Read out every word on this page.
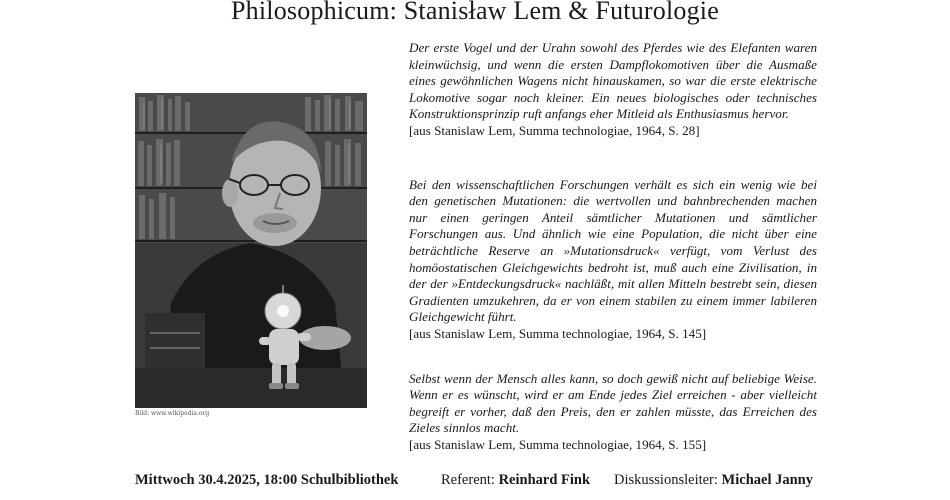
Philosophicum: Stanisław Lem & Futurologie
Bild: www.wikipedia.org

Der erste Vogel und der Urahn sowohl des Pferdes wie des Elefanten waren kleinwüchsig, und wenn die ersten Dampflokomotiven über die Ausmaße eines gewöhnlichen Wagens nicht hinauskamen, so war die erste elektrische Lokomotive sogar noch kleiner. Ein neues biologisches oder technisches Konstruktionsprinzip ruft anfangs eher Mitleid als Enthusiasmus hervor.

[aus Stanislaw Lem, Summa technologiae, 1964, S. 28]

Bei den wissenschaftlichen Forschungen verhält es sich ein wenig wie bei den genetischen Mutationen: die wertvollen und bahnbrechenden machen nur einen geringen Anteil sämtlicher Mutationen und sämtlicher Forschungen aus. Und ähnlich wie eine Population, die nicht über eine beträchtliche Reserve an »Mutationsdruck« verfügt, vom Verlust des homöostatischen Gleichgewichts bedroht ist, muß auch eine Zivilisation, in der der »Entdeckungsdruck« nachläßt, mit allen Mitteln bestrebt sein, diesen Gradienten umzukehren, da er von einem stabilen zu einem immer labileren Gleichgewicht führt.

[aus Stanislaw Lem, Summa technologiae, 1964, S. 145]

Selbst wenn der Mensch alles kann, so doch gewiß nicht auf beliebige Weise. Wenn er es wünscht, wird er am Ende jedes Ziel erreichen - aber vielleicht begreift er vorher, daß den Preis, den er zahlen müsste, das Erreichen des Zieles sinnlos macht.

[aus Stanislaw Lem, Summa technologiae, 1964, S. 155]

Mittwoch 30.4.2025, 18:00 Schulbibliothek	Referent: Reinhard Fink Diskussionsleiter: Michael Janny
